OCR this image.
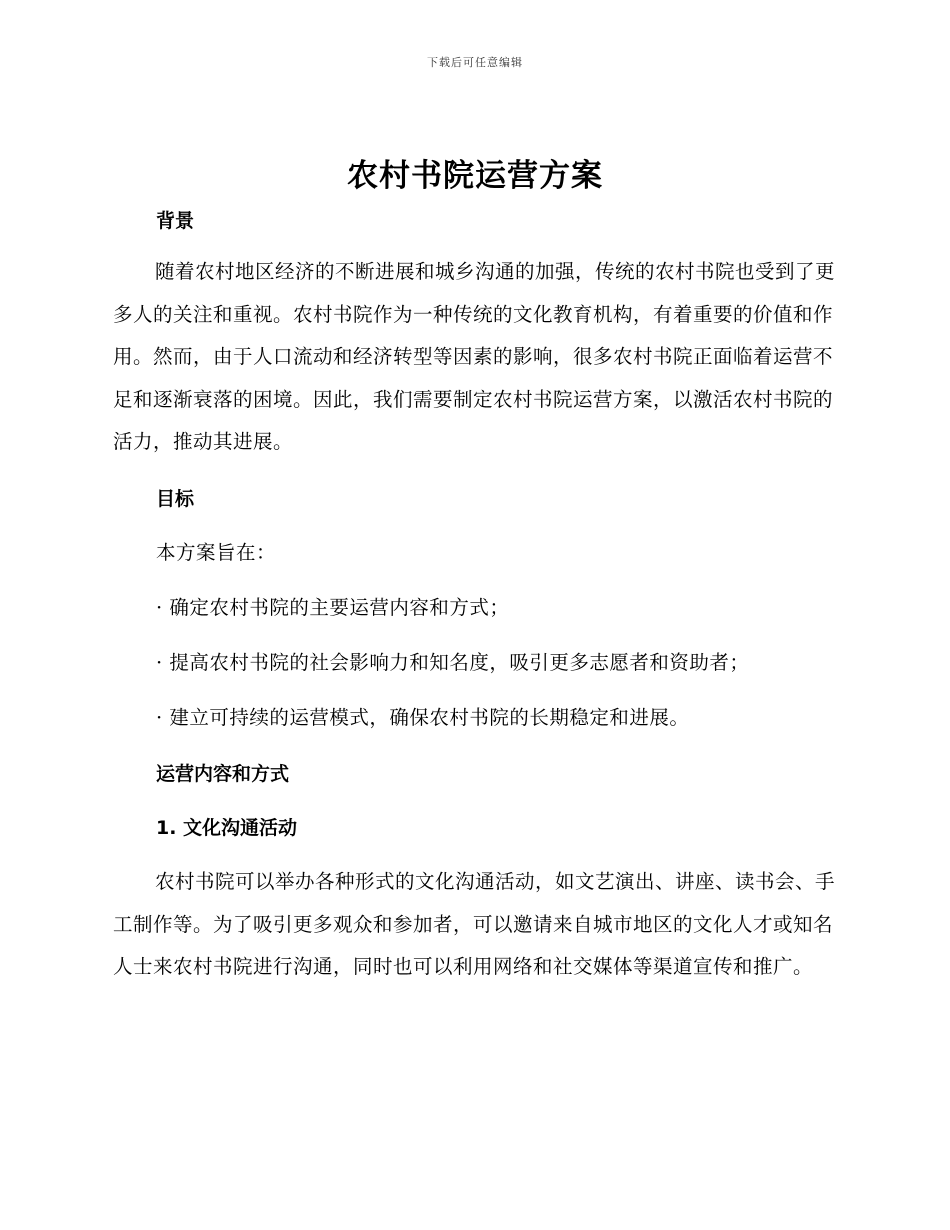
下载后可任意编辑
农村书院运营方案
背景
随着农村地区经济的不断进展和城乡沟通的加强，传统的农村书院也受到了更多人的关注和重视。农村书院作为一种传统的文化教育机构，有着重要的价值和作用。然而，由于人口流动和经济转型等因素的影响，很多农村书院正面临着运营不足和逐渐衰落的困境。因此，我们需要制定农村书院运营方案，以激活农村书院的活力，推动其进展。
目标
本方案旨在：
· 确定农村书院的主要运营内容和方式；
· 提高农村书院的社会影响力和知名度，吸引更多志愿者和资助者；
· 建立可持续的运营模式，确保农村书院的长期稳定和进展。
运营内容和方式
1. 文化沟通活动
农村书院可以举办各种形式的文化沟通活动，如文艺演出、讲座、读书会、手工制作等。为了吸引更多观众和参加者，可以邀请来自城市地区的文化人才或知名人士来农村书院进行沟通，同时也可以利用网络和社交媒体等渠道宣传和推广。
